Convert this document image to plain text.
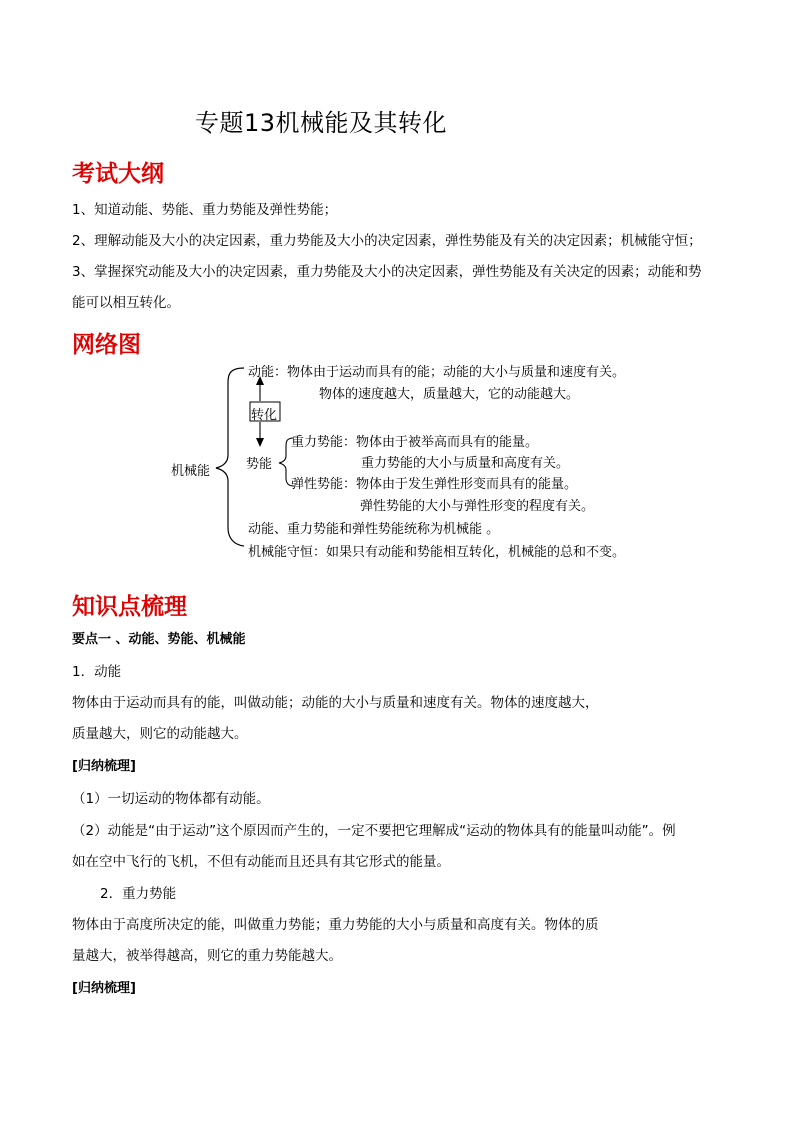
专题13机械能及其转化
考试大纲
1、知道动能、势能、重力势能及弹性势能；
2、理解动能及大小的决定因素，重力势能及大小的决定因素，弹性势能及有关的决定因素；机械能守恒；
3、掌握探究动能及大小的决定因素，重力势能及大小的决定因素，弹性势能及有关决定的因素；动能和势
能可以相互转化。
网络图
动能：物体由于运动而具有的能；动能的大小与质量和速度有关。
物体的速度越大，质量越大，它的动能越大。
转化
机械能	势能
重力势能：物体由于被举高而具有的能量。
重力势能的大小与质量和高度有关。
弹性势能：物体由于发生弹性形变而具有的能量。
弹性势能的大小与弹性形变的程度有关。
动能、重力势能和弹性势能统称为机械能 。
机械能守恒：如果只有动能和势能相互转化，机械能的总和不变。
知识点梳理
要点一 、动能、势能、机械能
1．动能
物体由于运动而具有的能，叫做动能；动能的大小与质量和速度有关。物体的速度越大，
质量越大，则它的动能越大。
[归纳梳理]
（1）一切运动的物体都有动能。
（2）动能是“由于运动”这个原因而产生的，一定不要把它理解成“运动的物体具有的能量叫动能”。例
如在空中飞行的飞机，不但有动能而且还具有其它形式的能量。
2．重力势能
物体由于高度所决定的能，叫做重力势能；重力势能的大小与质量和高度有关。物体的质
量越大，被举得越高，则它的重力势能越大。
[归纳梳理]
